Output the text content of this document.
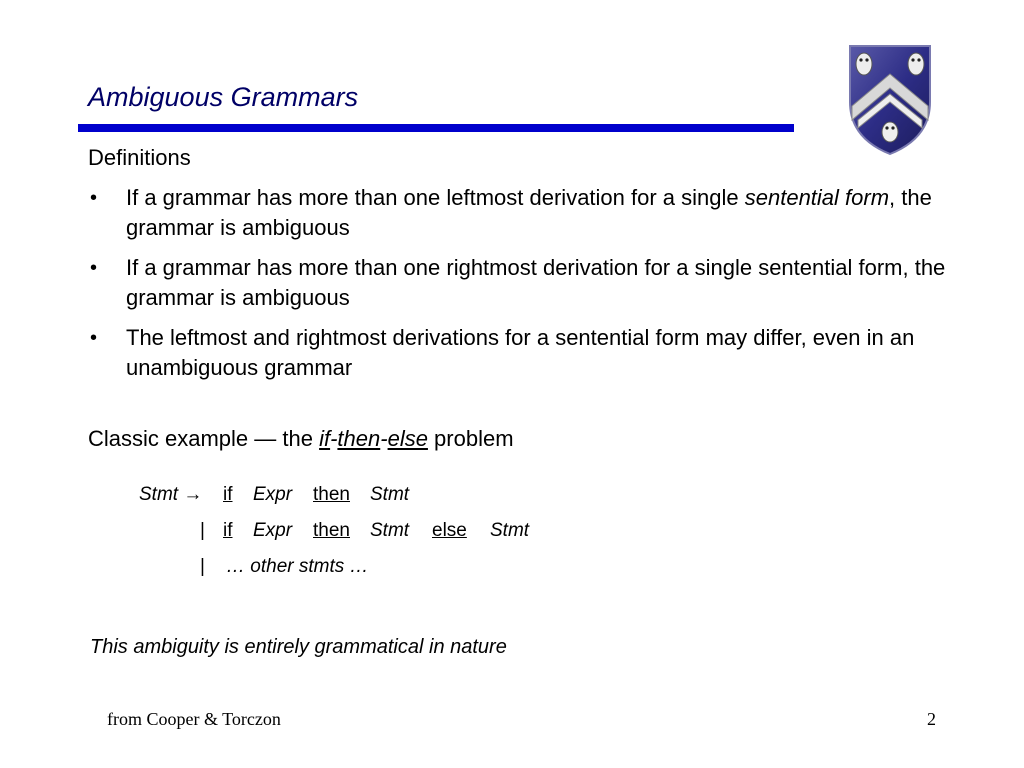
Ambiguous Grammars
Definitions
•	If a grammar has more than one leftmost derivation for a single sentential form, the grammar is ambiguous
•	If a grammar has more than one rightmost derivation for a single sentential form, the grammar is ambiguous
•	The leftmost and rightmost derivations for a sentential form may differ, even in an unambiguous grammar
Classic example — the if-then-else problem
Stmt → if Expr then Stmt
| if Expr then Stmt else Stmt
| … other stmts …
This ambiguity is entirely grammatical in nature
from Cooper & Torczon	2
